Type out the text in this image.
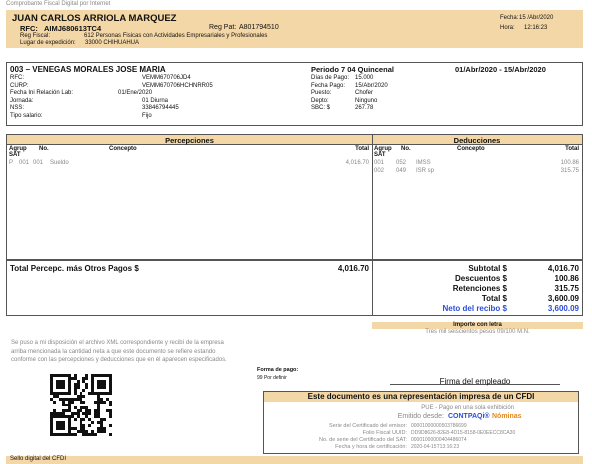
Comprobante Fiscal Digital por Internet
JUAN CARLOS ARRIOLA MARQUEZ
RFC: AIMJ680613TC4	Reg Pat: A801794510
Reg Fiscal:	612 Personas Fisicas con Actividades Empresariales y Profesionales
Lugar de expedición: 33000 CHIHUAHUA
Fecha: 15 /Abr/2020
Hora: 12:16:23
003 – VENEGAS MORALES JOSE MARIA
RFC:	VEMM670706JD4
CURP:	VEMM670706HCHNRR05
Fecha Ini Relación Lab:	01/Ene/2020
Jornada:	01 Diurna
NSS:	33846794445
Tipo salario:	Fijo
Periodo 7 04 Quincenal	01/Abr/2020 - 15/Abr/2020
Días de Pago: 15.000
Fecha Pago: 15/Abr/2020
Puesto:	Chofer
Depto:	Ninguno
SBC: $	267.78
Percepciones	Deducciones
Agrup
SAT
No.	Concepto	Total
P 001 001 Sueldo	4,016.70
Agrup
SAT
No.	Concepto	Total
001 052 IMSS	100.86
002 049 ISR sp	315.75
Total Percepc. más Otros Pagos $	4,016.70	Subtotal $	4,016.70
Descuentos $	100.86
Retenciones $	315.75
Total $	3,600.09
Neto del recibo $	3,600.09
Importe con letra
Tres mil seiscientos pesos 09/100 M.N.
Se puso a mi disposición el archivo XML correspondiente y recibí de la empresa
arriba mencionada la cantidad neta a que este documento se refiere estando
conforme con las percepciones y deducciones que en él aparecen especificados.
Forma de pago:
99 Por definir	Firma del empleado
Este documento es una representación impresa de un CFDI
PUE - Pago en una sola exhibición
Emitido desde: CONTPAQi® Nóminas
Serie del Certificado del emisor: 00001000000503786699
Folio Fiscal UUID: DD9D8626-82E8-4D15-8158-0E0EECC8CA30
No. de serie del Certificado del SAT: 00001000000404486074
Fecha y hora de certificación: 2020-04-15T13:16:23
Sello digital del CFDI
